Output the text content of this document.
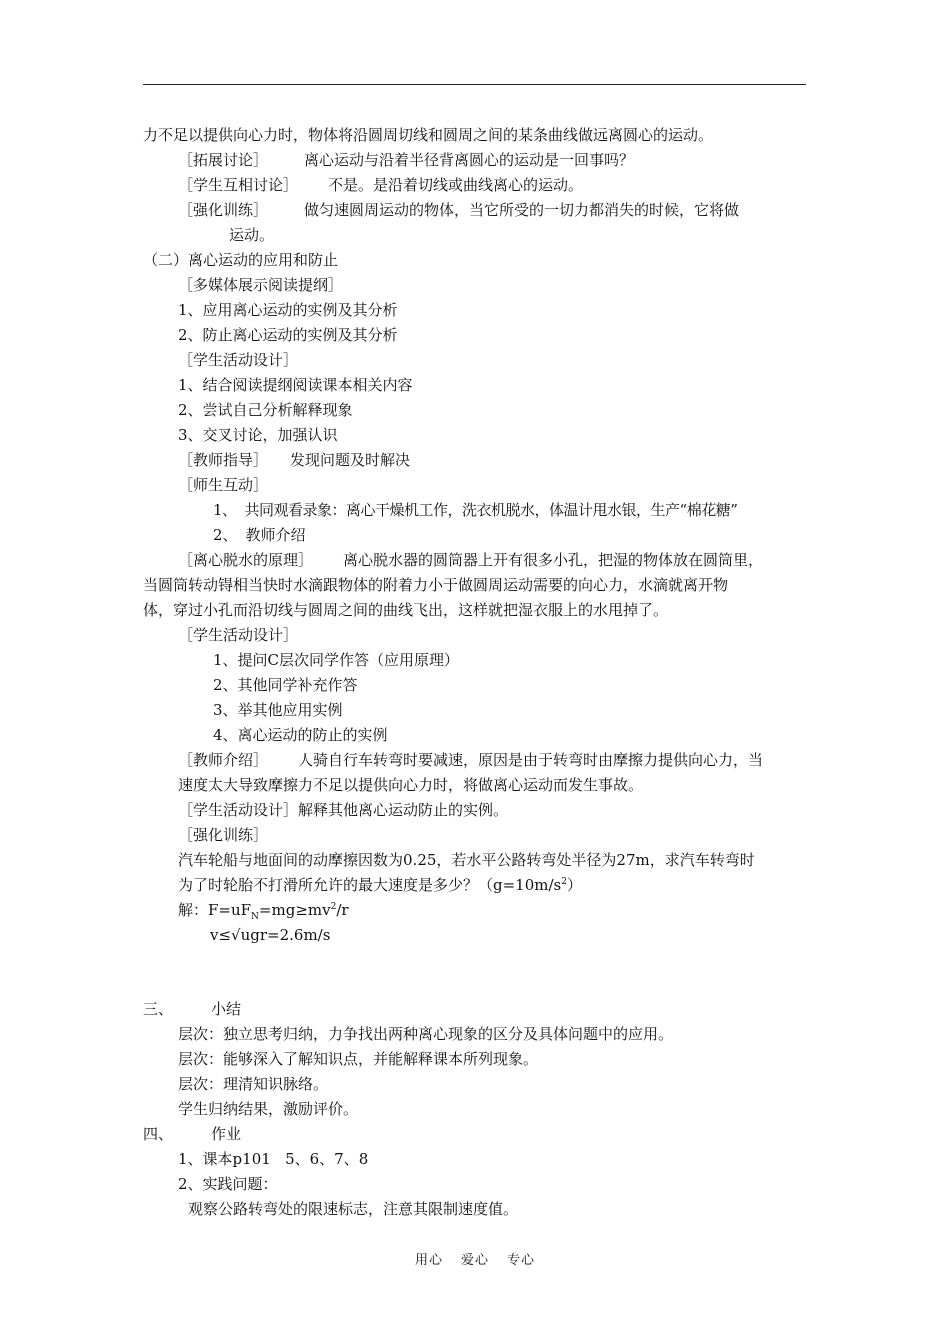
力不足以提供向心力时，物体将沿圆周切线和圆周之间的某条曲线做远离圆心的运动。
［拓展讨论］ 离心运动与沿着半径背离圆心的运动是一回事吗？
［学生互相讨论］ 不是。是沿着切线或曲线离心的运动。
［强化训练］ 做匀速圆周运动的物体，当它所受的一切力都消失的时候，它将做
运动。
（二）离心运动的应用和防止
［多媒体展示阅读提纲］
1、应用离心运动的实例及其分析
2、防止离心运动的实例及其分析
［学生活动设计］
1、结合阅读提纲阅读课本相关内容
2、尝试自己分析解释现象
3、交叉讨论，加强认识
［教师指导］ 发现问题及时解决
［师生互动］
1、 共同观看录象：离心干燥机工作，洗衣机脱水，体温计甩水银，生产“棉花糖”
2、 教师介绍
［离心脱水的原理］ 离心脱水器的圆筒器上开有很多小孔，把湿的物体放在圆筒里，
当圆筒转动锝相当快时水滴跟物体的附着力小于做圆周运动需要的向心力，水滴就离开物
体，穿过小孔而沿切线与圆周之间的曲线飞出，这样就把湿衣服上的水甩掉了。
［学生活动设计］
1、提问C层次同学作答（应用原理）
2、其他同学补充作答
3、举其他应用实例
4、离心运动的防止的实例
［教师介绍］ 人骑自行车转弯时要减速，原因是由于转弯时由摩擦力提供向心力，当
速度太大导致摩擦力不足以提供向心力时，将做离心运动而发生事故。
［学生活动设计］解释其他离心运动防止的实例。
［强化训练］
汽车轮船与地面间的动摩擦因数为0.25，若水平公路转弯处半径为27m，求汽车转弯时
为了时轮胎不打滑所允许的最大速度是多少？$(g=10m/s^2)$
解：$F=uF_N=mg\ge mv^2/r$
v≤√ugr=2.6m/s
三、	小结
层次：独立思考归纳，力争找出两种离心现象的区分及具体问题中的应用。
层次：能够深入了解知识点，并能解释课本所列现象。
层次：理清知识脉络。
学生归纳结果，激励评价。
四、	作业
1、课本p101   5、6、7、8
2、实践问题：
观察公路转弯处的限速标志，注意其限制速度值。
用心 爱心 专心
